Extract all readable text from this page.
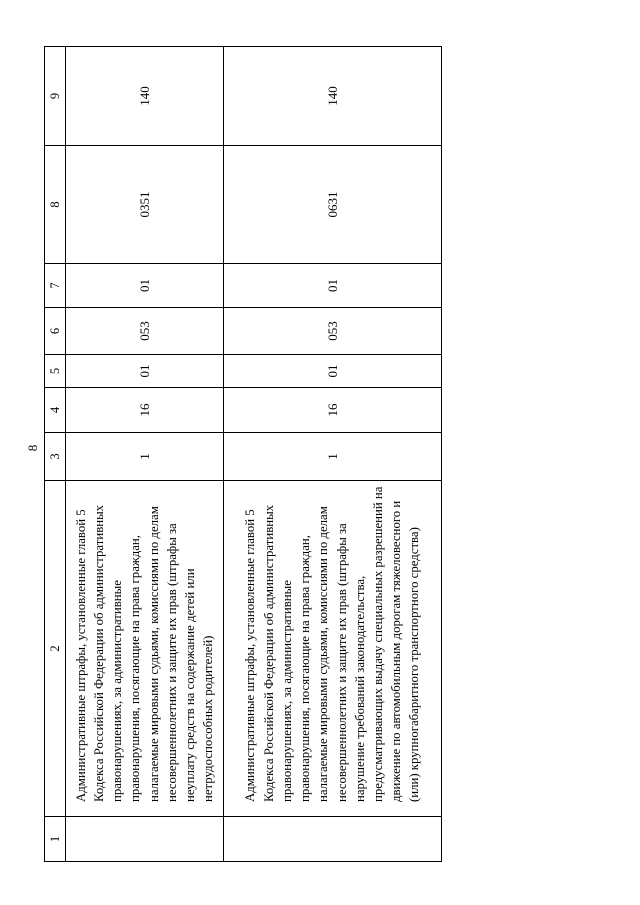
8
1	2	3	4	5	6	7	8	9
	Административные штрафы, установленные главой 5 Кодекса Российской Федерации об административных правонарушениях, за административные правонарушения, посягающие на права граждан, налагаемые мировыми судьями, комиссиями по делам несовершеннолетних и защите их прав (штрафы за неуплату средств на содержание детей или нетрудоспособных родителей)	1	16	01	053	01	0351	140
	Административные штрафы, установленные главой 5 Кодекса Российской Федерации об административных правонарушениях, за административные правонарушения, посягающие на права граждан, налагаемые мировыми судьями, комиссиями по делам несовершеннолетних и защите их прав (штрафы за нарушение требований законодательства, предусматривающих выдачу специальных разрешений на движение по автомобильным дорогам тяжеловесного и (или) крупногабаритного транспортного средства)	1	16	01	053	01	0631	140
